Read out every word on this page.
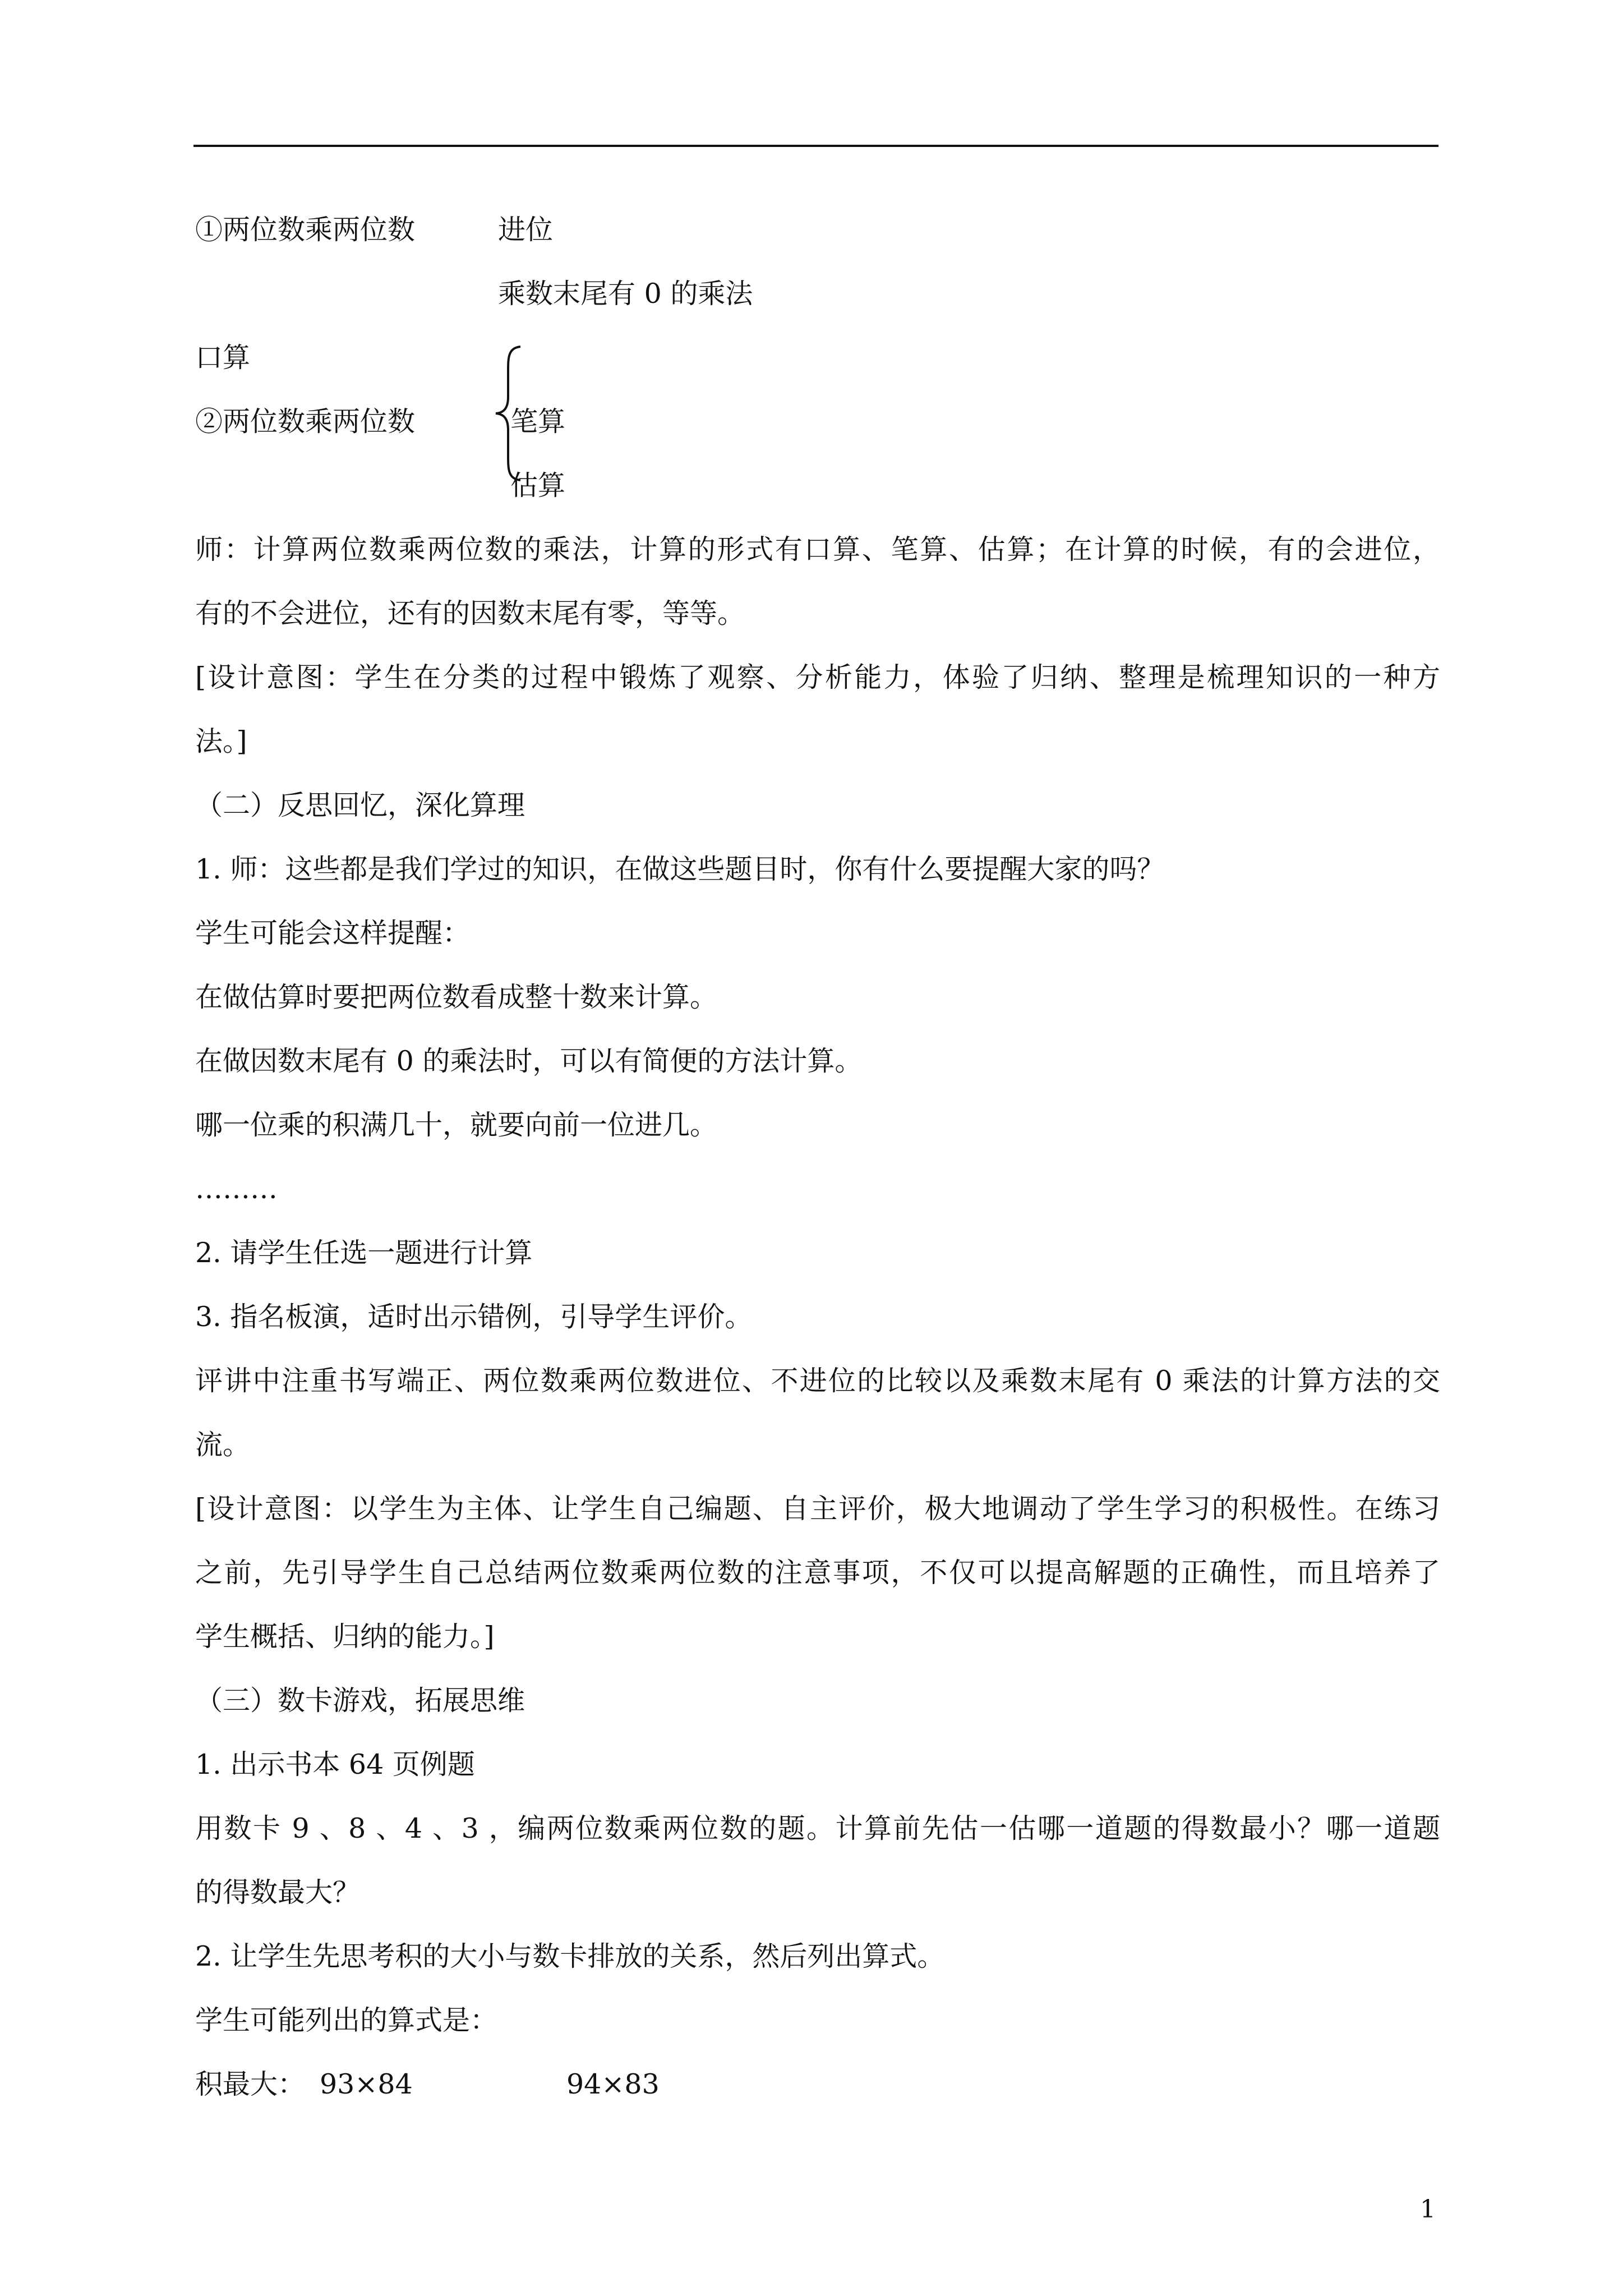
①两位数乘两位数	进位
乘数末尾有 0 的乘法
口算
②两位数乘两位数	笔算
估算
师：计算两位数乘两位数的乘法，计算的形式有口算、笔算、估算；在计算的时候，有的会进位，
有的不会进位，还有的因数末尾有零，等等。
[设计意图：学生在分类的过程中锻炼了观察、分析能力，体验了归纳、整理是梳理知识的一种方
法。]
（二）反思回忆，深化算理
1. 师：这些都是我们学过的知识，在做这些题目时，你有什么要提醒大家的吗？
学生可能会这样提醒：
在做估算时要把两位数看成整十数来计算。
在做因数末尾有 0 的乘法时，可以有简便的方法计算。
哪一位乘的积满几十，就要向前一位进几。
………
2. 请学生任选一题进行计算
3. 指名板演，适时出示错例，引导学生评价。
评讲中注重书写端正、两位数乘两位数进位、不进位的比较以及乘数末尾有 0 乘法的计算方法的交
流。
[设计意图：以学生为主体、让学生自己编题、自主评价，极大地调动了学生学习的积极性。在练习
之前，先引导学生自己总结两位数乘两位数的注意事项，不仅可以提高解题的正确性，而且培养了
学生概括、归纳的能力。]
（三）数卡游戏，拓展思维
1. 出示书本 64 页例题
用数卡 9 、8 、4 、3 ，编两位数乘两位数的题。计算前先估一估哪一道题的得数最小？哪一道题
的得数最大？
2. 让学生先思考积的大小与数卡排放的关系，然后列出算式。
学生可能列出的算式是：
积最大： 93×84	94×83
1
